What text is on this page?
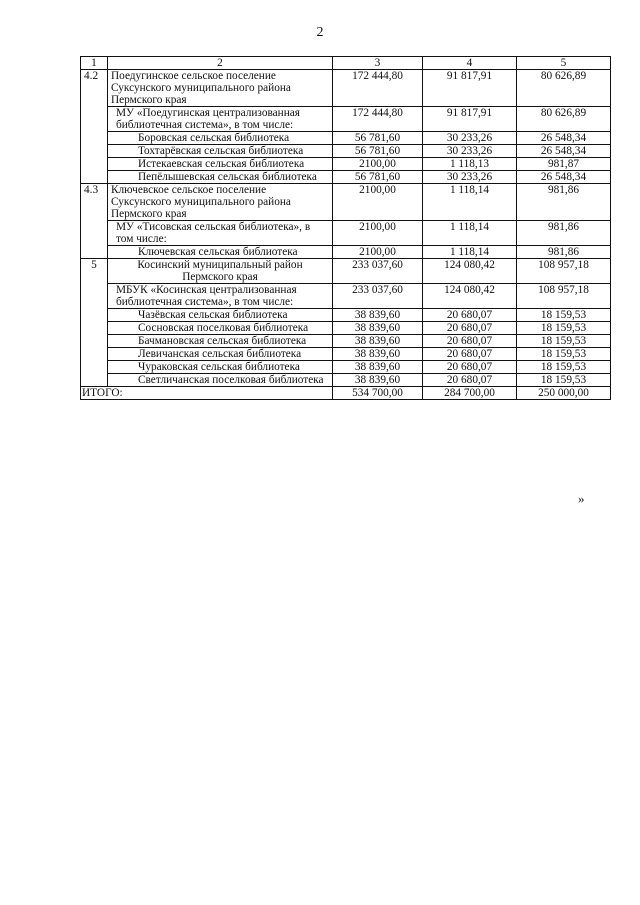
2
1	2	3	4	5
4.2	Поедугинское сельское поселение Суксунского муниципального района Пермского края	172 444,80	91 817,91	80 626,89
	МУ «Поедугинская централизованная библиотечная система», в том числе:	172 444,80	91 817,91	80 626,89
	Боровская сельская библиотека	56 781,60	30 233,26	26 548,34
	Тохтарёвская сельская библиотека	56 781,60	30 233,26	26 548,34
	Истекаевская сельская библиотека	2100,00	1 118,13	981,87
	Пепёлышевская сельская библиотека	56 781,60	30 233,26	26 548,34
4.3	Ключевское сельское поселение Суксунского муниципального района Пермского края	2100,00	1 118,14	981,86
	МУ «Тисовская сельская библиотека», в том числе:	2100,00	1 118,14	981,86
	Ключевская сельская библиотека	2100,00	1 118,14	981,86
5	Косинский муниципальный район Пермского края	233 037,60	124 080,42	108 957,18
	МБУК «Косинская централизованная библиотечная система», в том числе:	233 037,60	124 080,42	108 957,18
	Чазёвская сельская библиотека	38 839,60	20 680,07	18 159,53
	Сосновская поселковая библиотека	38 839,60	20 680,07	18 159,53
	Бачмановская сельская библиотека	38 839,60	20 680,07	18 159,53
	Левичанская сельская библиотека	38 839,60	20 680,07	18 159,53
	Чураковская сельская библиотека	38 839,60	20 680,07	18 159,53
	Светличанская поселковая библиотека	38 839,60	20 680,07	18 159,53
ИТОГО:		534 700,00	284 700,00	250 000,00
»
